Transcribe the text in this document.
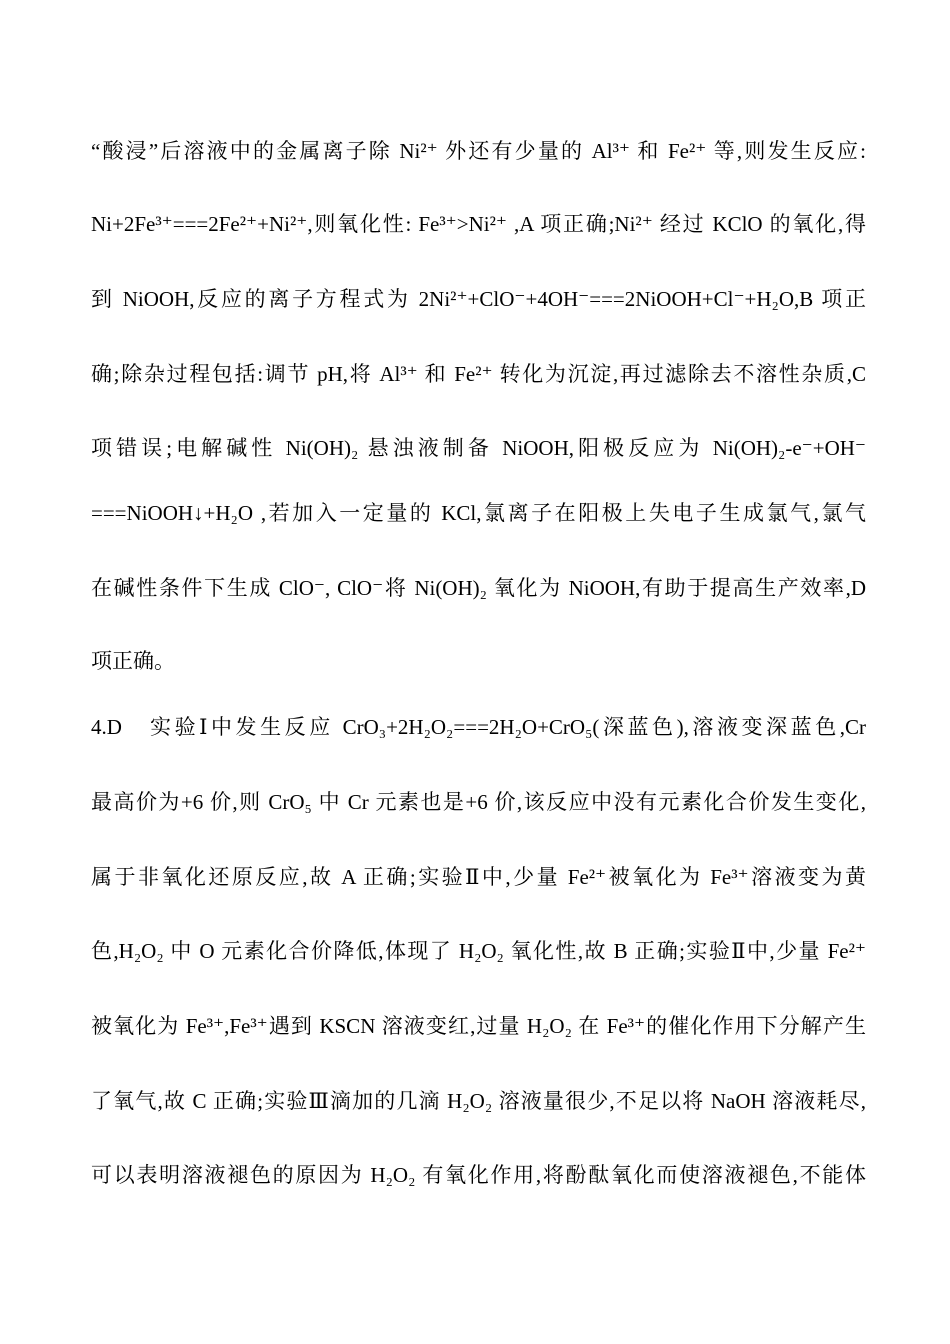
“酸浸”后溶液中的金属离子除 Ni²⁺ 外还有少量的 Al³⁺ 和 Fe²⁺ 等,则发生反应:
Ni+2Fe³⁺===2Fe²⁺+Ni²⁺,则氧化性: Fe³⁺>Ni²⁺ ,A 项正确;Ni²⁺ 经过 KClO 的氧化,得
到 NiOOH,反应的离子方程式为 2Ni²⁺+ClO⁻+4OH⁻===2NiOOH+Cl⁻+H₂O,B 项正
确;除杂过程包括:调节 pH,将 Al³⁺ 和 Fe²⁺ 转化为沉淀,再过滤除去不溶性杂质,C
项错误;电解碱性 Ni(OH)₂ 悬浊液制备 NiOOH,阳极反应为 Ni(OH)₂-e⁻+OH⁻
===NiOOH↓+H₂O ,若加入一定量的 KCl,氯离子在阳极上失电子生成氯气,氯气
在碱性条件下生成 ClO⁻, ClO⁻将 Ni(OH)₂ 氧化为 NiOOH,有助于提高生产效率,D
项正确。
4.D　实验Ⅰ中发生反应 CrO₃+2H₂O₂===2H₂O+CrO₅(深蓝色),溶液变深蓝色,Cr
最高价为+6 价,则 CrO₅ 中 Cr 元素也是+6 价,该反应中没有元素化合价发生变化,
属于非氧化还原反应,故 A 正确;实验Ⅱ中,少量 Fe²⁺被氧化为 Fe³⁺溶液变为黄
色,H₂O₂ 中 O 元素化合价降低,体现了 H₂O₂ 氧化性,故 B 正确;实验Ⅱ中,少量 Fe²⁺
被氧化为 Fe³⁺,Fe³⁺遇到 KSCN 溶液变红,过量 H₂O₂ 在 Fe³⁺的催化作用下分解产生
了氧气,故 C 正确;实验Ⅲ滴加的几滴 H₂O₂ 溶液量很少,不足以将 NaOH 溶液耗尽,
可以表明溶液褪色的原因为 H₂O₂ 有氧化作用,将酚酞氧化而使溶液褪色,不能体
